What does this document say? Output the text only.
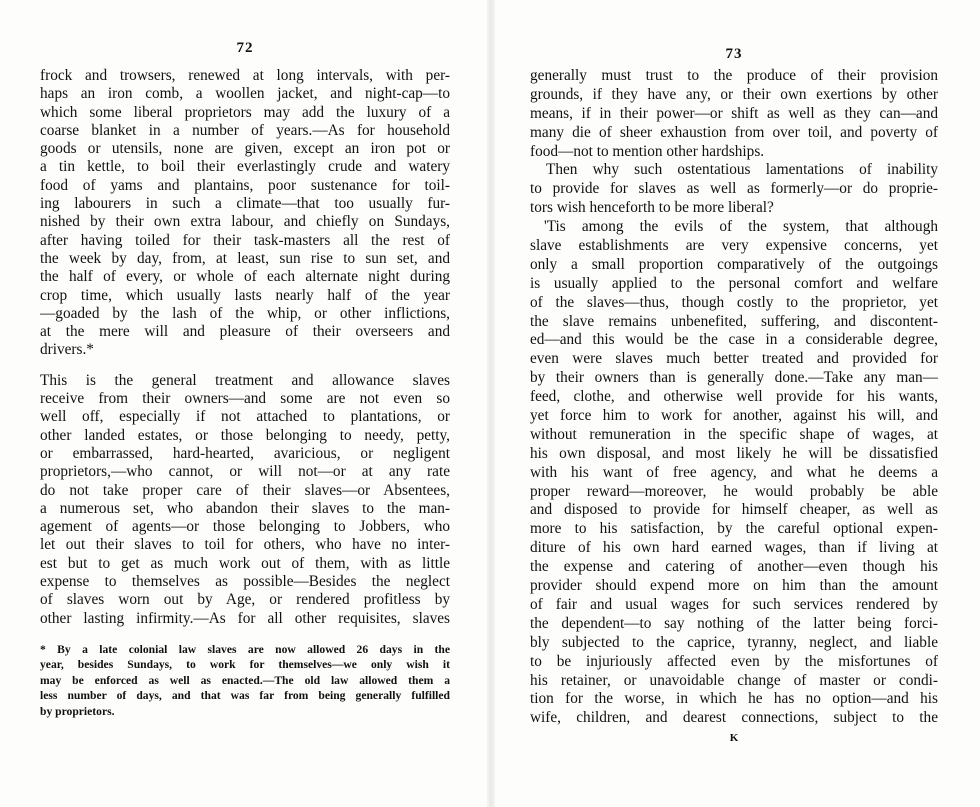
72
frock and trowsers, renewed at long intervals, with per-
haps an iron comb, a woollen jacket, and night-cap—to
which some liberal proprietors may add the luxury of a
coarse blanket in a number of years.—As for household
goods or utensils, none are given, except an iron pot or
a tin kettle, to boil their everlastingly crude and watery
food of yams and plantains, poor sustenance for toil-
ing labourers in such a climate—that too usually fur-
nished by their own extra labour, and chiefly on Sundays,
after having toiled for their task-masters all the rest of
the week by day, from, at least, sun rise to sun set, and
the half of every, or whole of each alternate night during
crop time, which usually lasts nearly half of the year
—goaded by the lash of the whip, or other inflictions,
at the mere will and pleasure of their overseers and
drivers.*
This is the general treatment and allowance slaves
receive from their owners—and some are not even so
well off, especially if not attached to plantations, or
other landed estates, or those belonging to needy, petty,
or embarrassed, hard-hearted, avaricious, or negligent
proprietors,—who cannot, or will not—or at any rate
do not take proper care of their slaves—or Absentees,
a numerous set, who abandon their slaves to the man-
agement of agents—or those belonging to Jobbers, who
let out their slaves to toil for others, who have no inter-
est but to get as much work out of them, with as little
expense to themselves as possible—Besides the neglect
of slaves worn out by Age, or rendered profitless by
other lasting infirmity.—As for all other requisites, slaves
* By a late colonial law slaves are now allowed 26 days in the
year, besides Sundays, to work for themselves—we only wish it
may be enforced as well as enacted.—The old law allowed them a
less number of days, and that was far from being generally fulfilled
by proprietors.
73
generally must trust to the produce of their provision
grounds, if they have any, or their own exertions by other
means, if in their power—or shift as well as they can—and
many die of sheer exhaustion from over toil, and poverty of
food—not to mention other hardships.
Then why such ostentatious lamentations of inability
to provide for slaves as well as formerly—or do proprie-
tors wish henceforth to be more liberal?
'Tis among the evils of the system, that although
slave establishments are very expensive concerns, yet
only a small proportion comparatively of the outgoings
is usually applied to the personal comfort and welfare
of the slaves—thus, though costly to the proprietor, yet
the slave remains unbenefited, suffering, and discontent-
ed—and this would be the case in a considerable degree,
even were slaves much better treated and provided for
by their owners than is generally done.—Take any man—
feed, clothe, and otherwise well provide for his wants,
yet force him to work for another, against his will, and
without remuneration in the specific shape of wages, at
his own disposal, and most likely he will be dissatisfied
with his want of free agency, and what he deems a
proper reward—moreover, he would probably be able
and disposed to provide for himself cheaper, as well as
more to his satisfaction, by the careful optional expen-
diture of his own hard earned wages, than if living at
the expense and catering of another—even though his
provider should expend more on him than the amount
of fair and usual wages for such services rendered by
the dependent—to say nothing of the latter being forci-
bly subjected to the caprice, tyranny, neglect, and liable
to be injuriously affected even by the misfortunes of
his retainer, or unavoidable change of master or condi-
tion for the worse, in which he has no option—and his
wife, children, and dearest connections, subject to the
K
